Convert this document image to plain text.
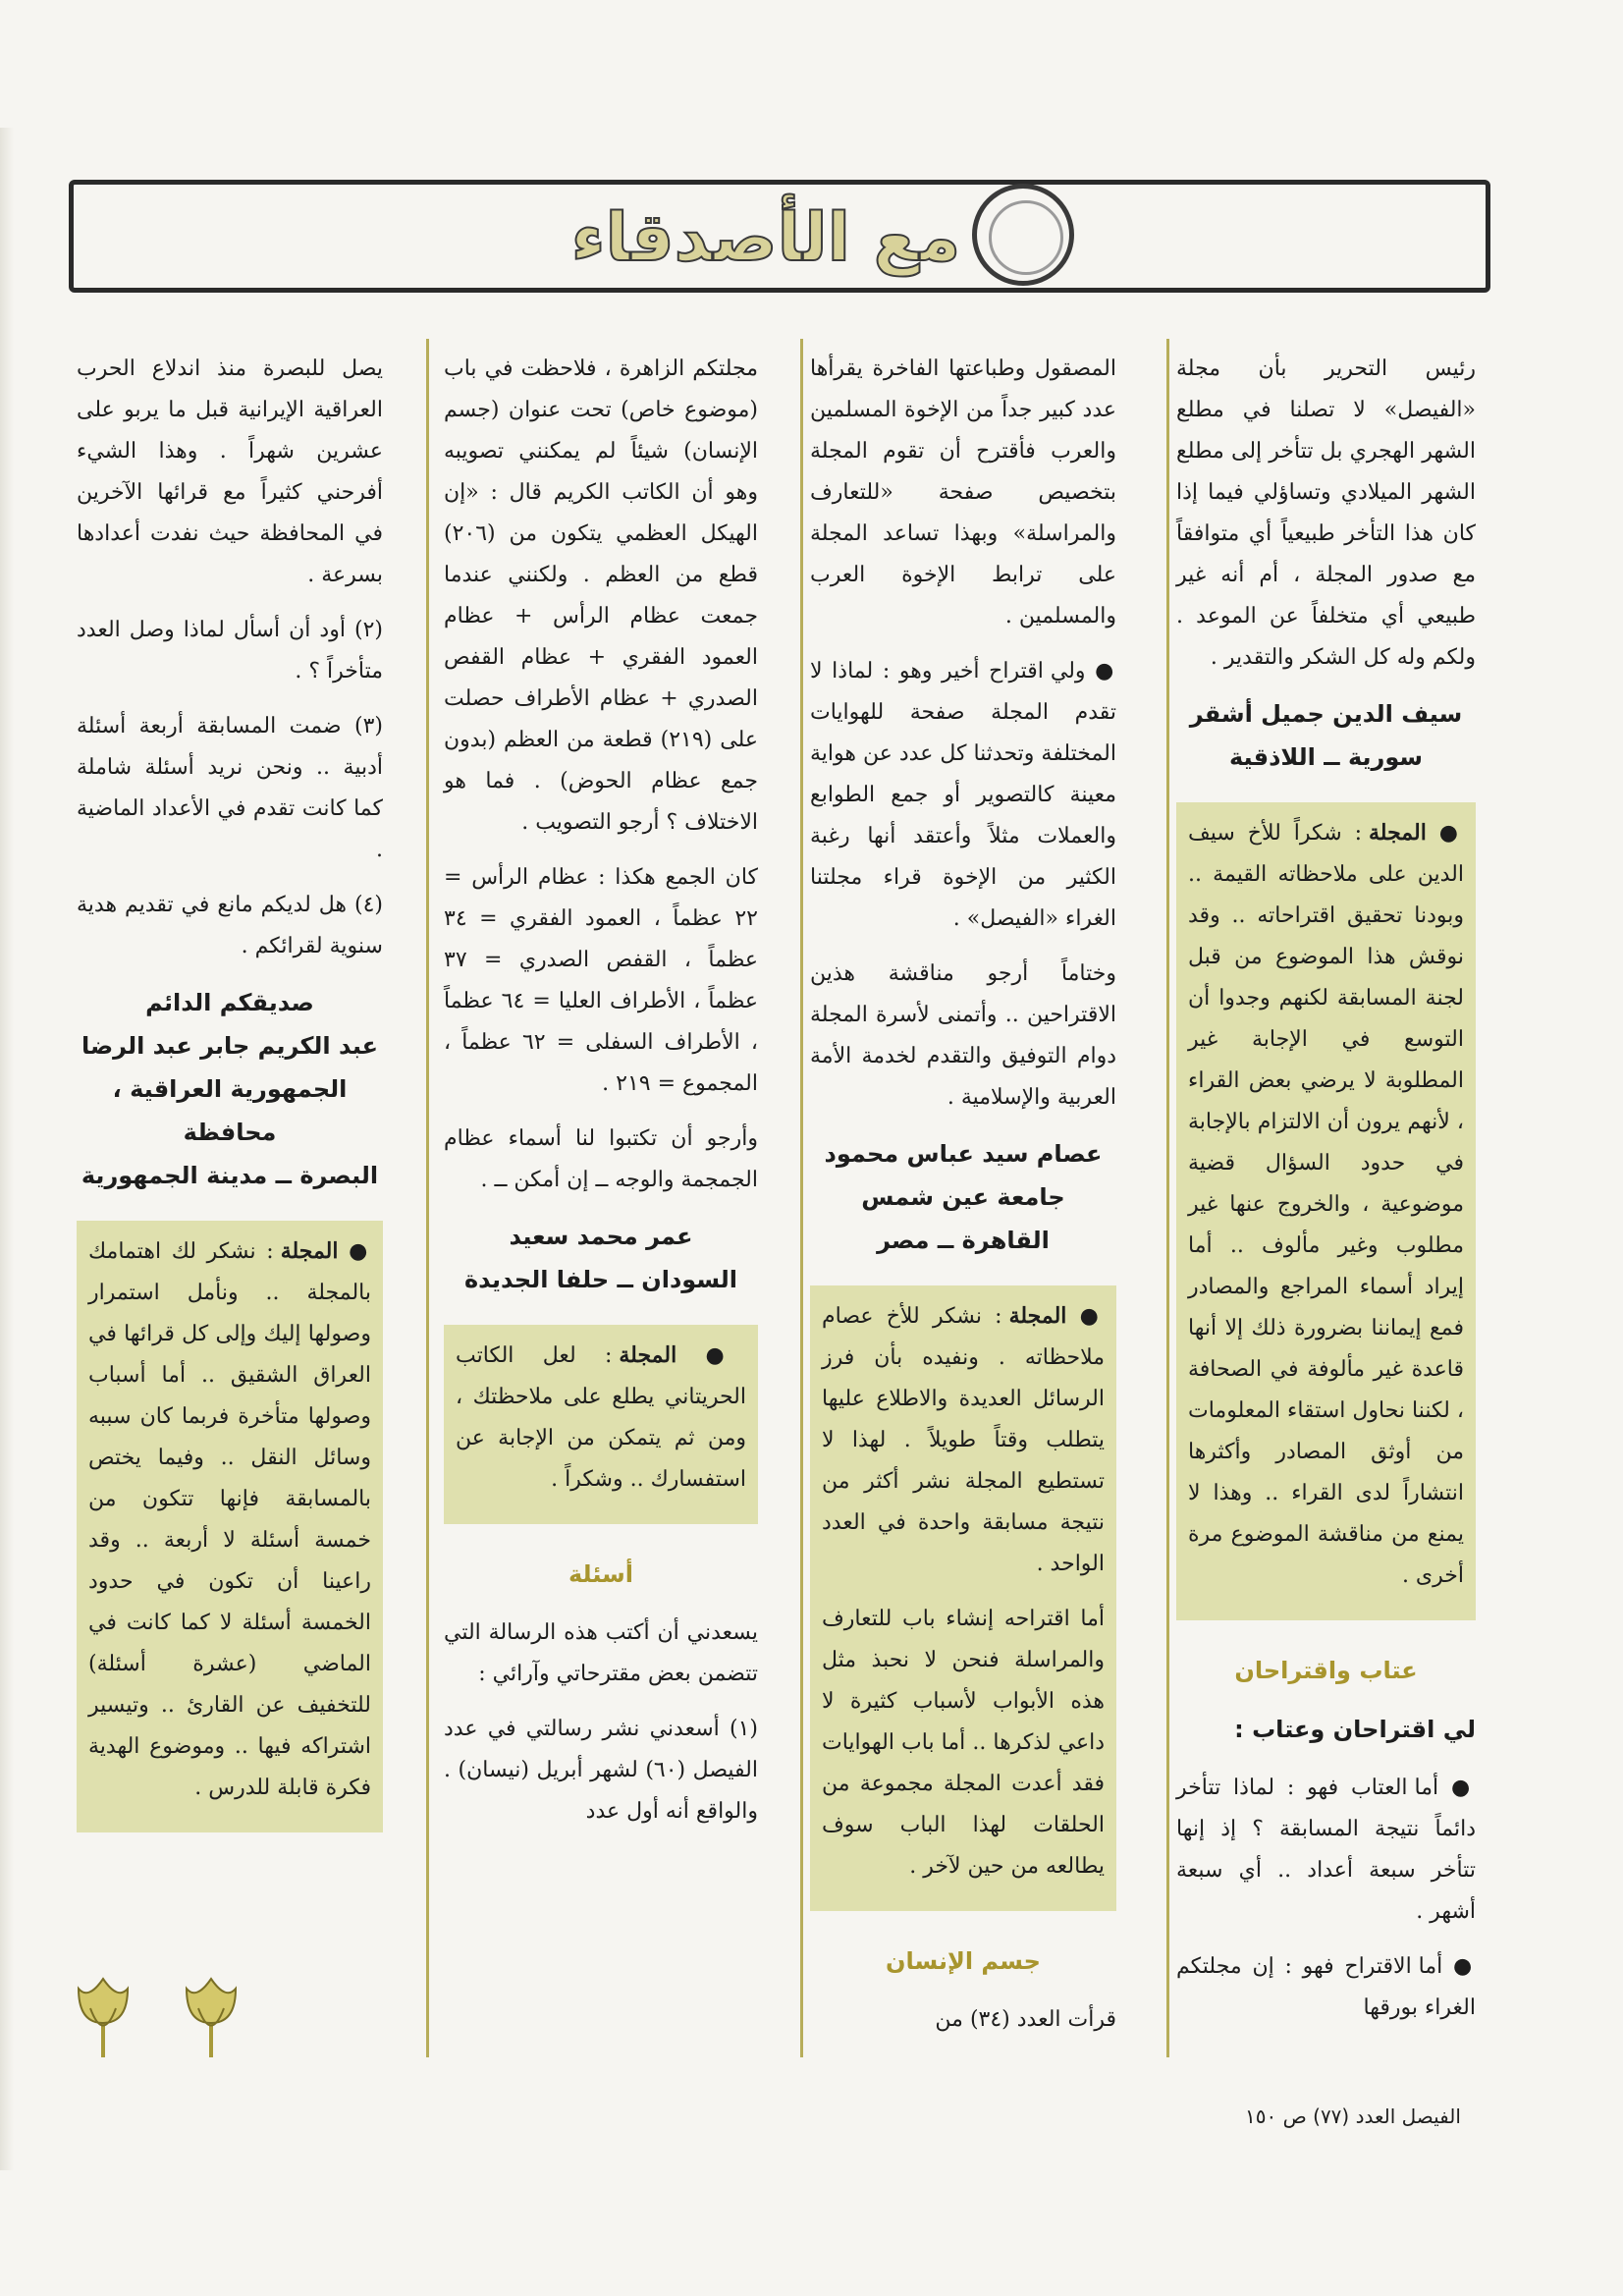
مع الأصدقاء

رئيس التحرير بأن مجلة «الفيصل» لا تصلنا في مطلع الشهر الهجري بل تتأخر إلى مطلع الشهر الميلادي وتساؤلي فيما إذا كان هذا التأخر طبيعياً أي متوافقاً مع صدور المجلة ، أم أنه غير طبيعي أي متخلفاً عن الموعد . ولكم وله كل الشكر والتقدير .

سيف الدين جميل أشقر
سورية ــ اللاذقية

● المجلة : شكراً للأخ سيف الدين على ملاحظاته القيمة .. وبودنا تحقيق اقتراحاته .. وقد نوقش هذا الموضوع من قبل لجنة المسابقة لكنهم وجدوا أن التوسع في الإجابة غير المطلوبة لا يرضي بعض القراء ، لأنهم يرون أن الالتزام بالإجابة في حدود السؤال قضية موضوعية ، والخروج عنها غير مطلوب وغير مألوف .. أما إيراد أسماء المراجع والمصادر فمع إيماننا بضرورة ذلك إلا أنها قاعدة غير مألوفة في الصحافة ، لكننا نحاول استقاء المعلومات من أوثق المصادر وأكثرها انتشاراً لدى القراء .. وهذا لا يمنع من مناقشة الموضوع مرة أخرى .

عتاب واقتراحان
لي اقتراحان وعتاب :

● أما العتاب فهو : لماذا تتأخر دائماً نتيجة المسابقة ؟ إذ إنها تتأخر سبعة أعداد .. أي سبعة أشهر .

● أما الاقتراح فهو : إن مجلتكم الغراء بورقها

المصقول وطباعتها الفاخرة يقرأها عدد كبير جداً من الإخوة المسلمين والعرب فأقترح أن تقوم المجلة بتخصيص صفحة «للتعارف والمراسلة» وبهذا تساعد المجلة على ترابط الإخوة العرب والمسلمين .

● ولي اقتراح أخير وهو : لماذا لا تقدم المجلة صفحة للهوايات المختلفة وتحدثنا كل عدد عن هواية معينة كالتصوير أو جمع الطوابع والعملات مثلاً وأعتقد أنها رغبة الكثير من الإخوة قراء مجلتنا الغراء «الفيصل» .

وختاماً أرجو مناقشة هذين الاقتراحين .. وأتمنى لأسرة المجلة دوام التوفيق والتقدم لخدمة الأمة العربية والإسلامية .

عصام سيد عباس محمود
جامعة عين شمس
القاهرة ــ مصر

● المجلة : نشكر للأخ عصام ملاحظاته . ونفيده بأن فرز الرسائل العديدة والاطلاع عليها يتطلب وقتاً طويلاً . لهذا لا تستطيع المجلة نشر أكثر من نتيجة مسابقة واحدة في العدد الواحد .

أما اقتراحه إنشاء باب للتعارف والمراسلة فنحن لا نحبذ مثل هذه الأبواب لأسباب كثيرة لا داعي لذكرها .. أما باب الهوايات فقد أعدت المجلة مجموعة من الحلقات لهذا الباب سوف يطالعه من حين لآخر .

جسم الإنسان

قرأت العدد (٣٤) من

مجلتكم الزاهرة ، فلاحظت في باب (موضوع خاص) تحت عنوان (جسم الإنسان) شيئاً لم يمكنني تصويبه وهو أن الكاتب الكريم قال : «إن الهيكل العظمي يتكون من (٢٠٦) قطع من العظم . ولكنني عندما جمعت عظام الرأس + عظام العمود الفقري + عظام القفص الصدري + عظام الأطراف حصلت على (٢١٩) قطعة من العظم (بدون جمع عظام الحوض) . فما هو الاختلاف ؟ أرجو التصويب .

كان الجمع هكذا : عظام الرأس = ٢٢ عظماً ، العمود الفقري = ٣٤ عظماً ، القفص الصدري = ٣٧ عظماً ، الأطراف العليا = ٦٤ عظماً ، الأطراف السفلى = ٦٢ عظماً ، المجموع = ٢١٩ .

وأرجو أن تكتبوا لنا أسماء عظام الجمجمة والوجه ــ إن أمكن ــ .

عمر محمد سعيد
السودان ــ حلفا الجديدة

● المجلة : لعل الكاتب الحريتاني يطلع على ملاحظتك ، ومن ثم يتمكن من الإجابة عن استفسارك .. وشكراً .

أسئلة

يسعدني أن أكتب هذه الرسالة التي تتضمن بعض مقترحاتي وآرائي :

(١) أسعدني نشر رسالتي في عدد الفيصل (٦٠) لشهر أبريل (نيسان) . والواقع أنه أول عدد

يصل للبصرة منذ اندلاع الحرب العراقية الإيرانية قبل ما يربو على عشرين شهراً . وهذا الشيء أفرحني كثيراً مع قرائها الآخرين في المحافظة حيث نفدت أعدادها بسرعة .

(٢) أود أن أسأل لماذا وصل العدد متأخراً ؟ .

(٣) ضمت المسابقة أربعة أسئلة أدبية .. ونحن نريد أسئلة شاملة كما كانت تقدم في الأعداد الماضية .

(٤) هل لديكم مانع في تقديم هدية سنوية لقرائكم .

صديقكم الدائم
عبد الكريم جابر عبد الرضا
الجمهورية العراقية ، محافظة
البصرة ــ مدينة الجمهورية

● المجلة : نشكر لك اهتمامك بالمجلة .. ونأمل استمرار وصولها إليك وإلى كل قرائها في العراق الشقيق .. أما أسباب وصولها متأخرة فربما كان سببه وسائل النقل .. وفيما يختص بالمسابقة فإنها تتكون من خمسة أسئلة لا أربعة .. وقد راعينا أن تكون في حدود الخمسة أسئلة لا كما كانت في الماضي (عشرة أسئلة) للتخفيف عن القارئ .. وتيسير اشتراكه فيها .. وموضوع الهدية فكرة قابلة للدرس .

الفيصل العدد (٧٧) ص ١٥٠
